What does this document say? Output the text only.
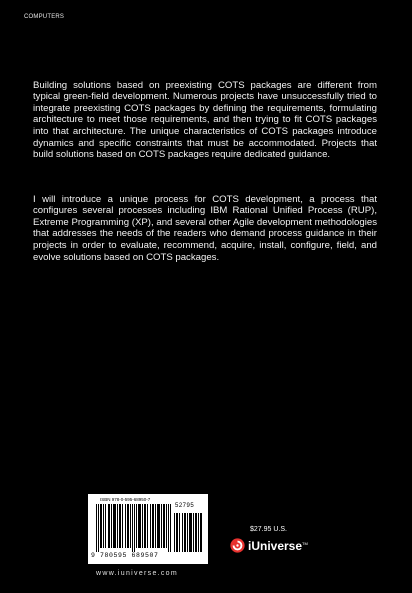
COMPUTERS

Building solutions based on preexisting COTS packages are different from typical green-field development. Numerous projects have unsuccessfully tried to integrate preexisting COTS packages by defining the requirements, formulating architecture to meet those requirements, and then trying to fit COTS packages into that architecture. The unique characteristics of COTS packages introduce dynamics and specific constraints that must be accommodated. Projects that build solutions based on COTS packages require dedicated guidance.

I will introduce a unique process for COTS development, a process that configures several processes including IBM Rational Unified Process (RUP), Extreme Programming (XP), and several other Agile development methodologies that addresses the needs of the readers who demand process guidance in their projects in order to evaluate, recommend, acquire, install, configure, field, and evolve solutions based on COTS packages.

ISBN 978-0-595-68950-7
52795
9 780595 689507
www.iuniverse.com
$27.95 U.S.
iUniverse™
